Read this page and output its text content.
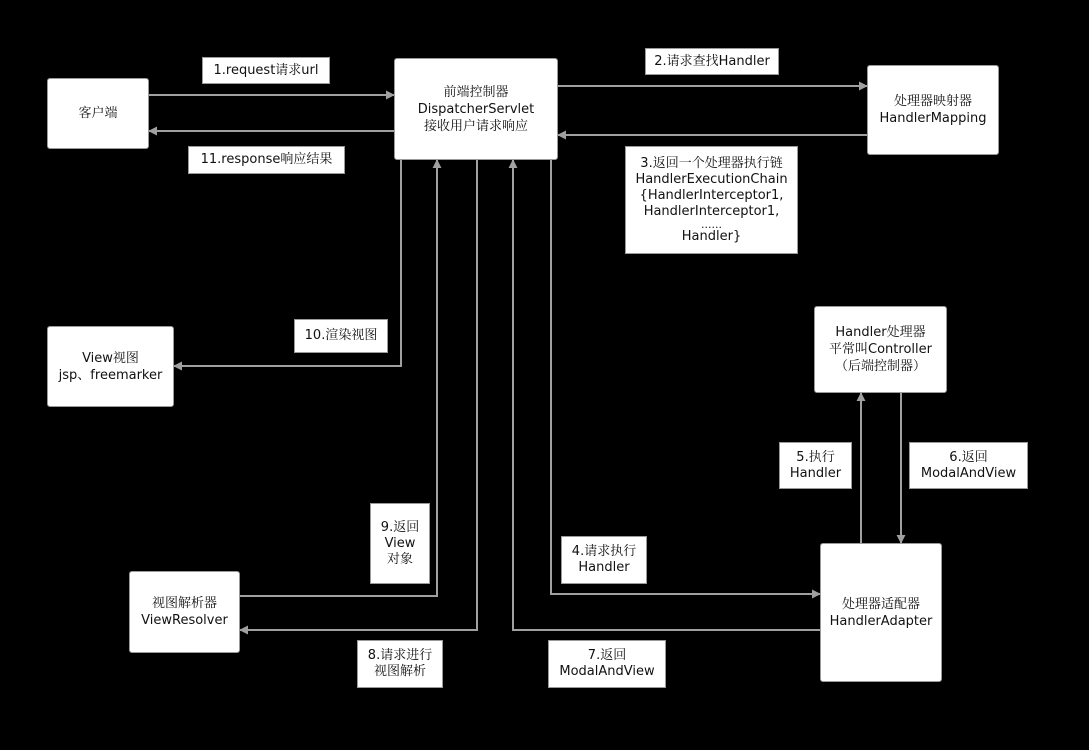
客户端
前端控制器
DispatcherServlet
接收用户请求响应
处理器映射器
HandlerMapping
View视图
jsp、freemarker
Handler处理器
平常叫Controller
（后端控制器）
视图解析器
ViewResolver
处理器适配器
HandlerAdapter
1.request请求url
2.请求查找Handler
3.返回一个处理器执行链
HandlerExecutionChain
{HandlerInterceptor1,
HandlerInterceptor1,
......
Handler}
11.response响应结果
10.渲染视图
5.执行
Handler
6.返回
ModalAndView
9.返回
View
对象	4.请求执行
Handler
8.请求进行
视图解析
7.返回
ModalAndView
